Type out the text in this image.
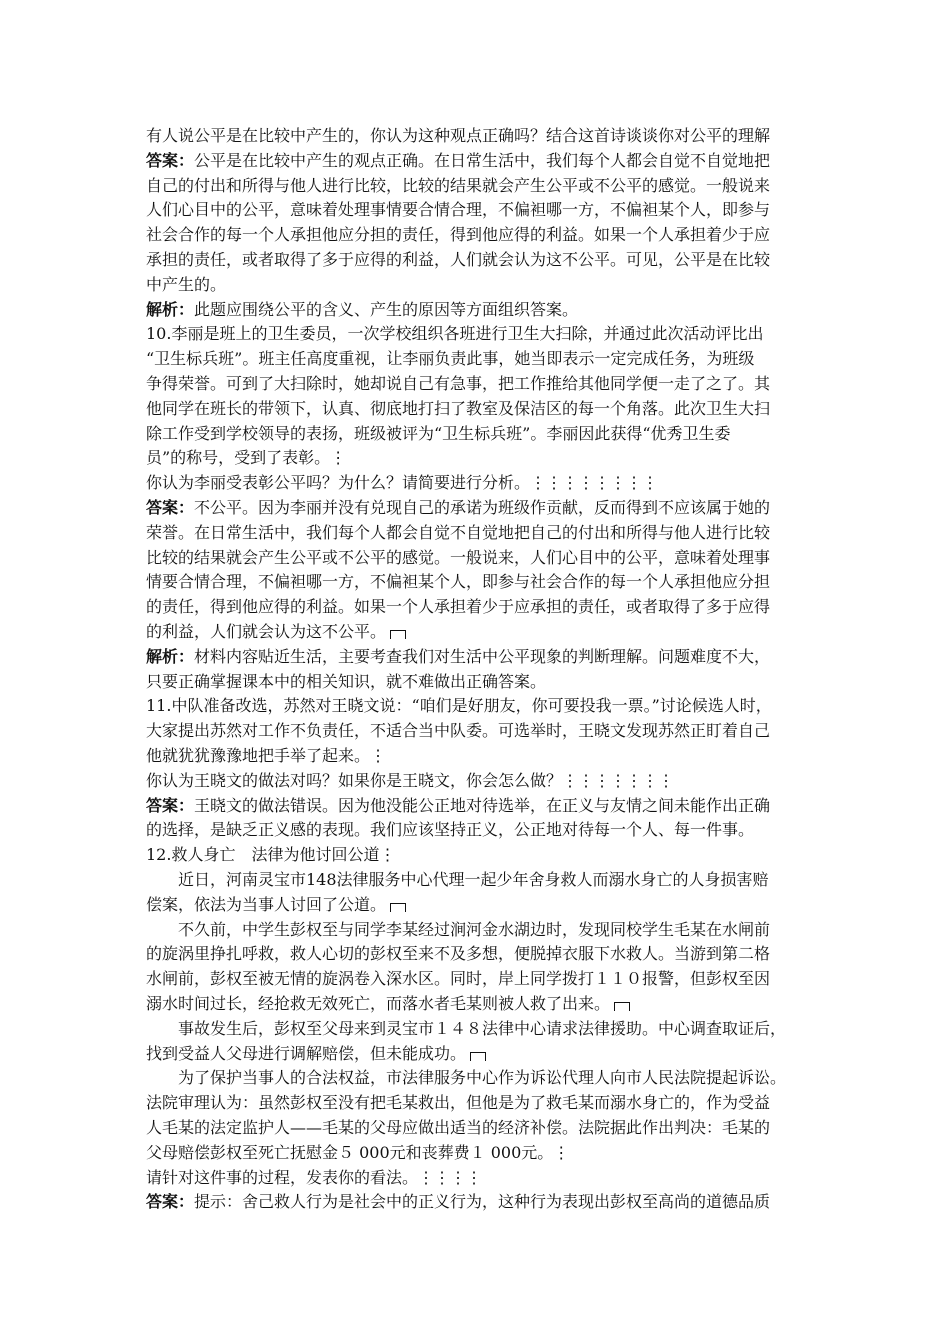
有人说公平是在比较中产生的，你认为这种观点正确吗？结合这首诗谈谈你对公平的理解
答案：公平是在比较中产生的观点正确。在日常生活中，我们每个人都会自觉不自觉地把
自己的付出和所得与他人进行比较，比较的结果就会产生公平或不公平的感觉。一般说来
人们心目中的公平，意味着处理事情要合情合理，不偏袒哪一方，不偏袒某个人，即参与
社会合作的每一个人承担他应分担的责任，得到他应得的利益。如果一个人承担着少于应
承担的责任，或者取得了多于应得的利益，人们就会认为这不公平。可见，公平是在比较
中产生的。
解析：此题应围绕公平的含义、产生的原因等方面组织答案。
10.李丽是班上的卫生委员，一次学校组织各班进行卫生大扫除，并通过此次活动评比出
“卫生标兵班”。班主任高度重视，让李丽负责此事，她当即表示一定完成任务，为班级
争得荣誉。可到了大扫除时，她却说自己有急事，把工作推给其他同学便一走了之了。其
他同学在班长的带领下，认真、彻底地打扫了教室及保洁区的每一个角落。此次卫生大扫
除工作受到学校领导的表扬，班级被评为“卫生标兵班”。李丽因此获得“优秀卫生委
员”的称号，受到了表彰。⋮
你认为李丽受表彰公平吗？为什么？请简要进行分析。⋮⋮⋮⋮⋮⋮⋮⋮
答案：不公平。因为李丽并没有兑现自己的承诺为班级作贡献，反而得到不应该属于她的
荣誉。在日常生活中，我们每个人都会自觉不自觉地把自己的付出和所得与他人进行比较
比较的结果就会产生公平或不公平的感觉。一般说来，人们心目中的公平，意味着处理事
情要合情合理，不偏袒哪一方，不偏袒某个人，即参与社会合作的每一个人承担他应分担
的责任，得到他应得的利益。如果一个人承担着少于应承担的责任，或者取得了多于应得
的利益，人们就会认为这不公平。
解析：材料内容贴近生活，主要考查我们对生活中公平现象的判断理解。问题难度不大，
只要正确掌握课本中的相关知识，就不难做出正确答案。
11.中队准备改选，苏然对王晓文说：“咱们是好朋友，你可要投我一票。”讨论候选人时，
大家提出苏然对工作不负责任，不适合当中队委。可选举时，王晓文发现苏然正盯着自己
他就犹犹豫豫地把手举了起来。⋮
你认为王晓文的做法对吗？如果你是王晓文，你会怎么做？⋮⋮⋮⋮⋮⋮⋮
答案：王晓文的做法错误。因为他没能公正地对待选举，在正义与友情之间未能作出正确
的选择，是缺乏正义感的表现。我们应该坚持正义，公正地对待每一个人、每一件事。
12.救人身亡　法律为他讨回公道⋮
近日，河南灵宝市148法律服务中心代理一起少年舍身救人而溺水身亡的人身损害赔
偿案，依法为当事人讨回了公道。
不久前，中学生彭权至与同学李某经过涧河金水湖边时，发现同校学生毛某在水闸前
的旋涡里挣扎呼救，救人心切的彭权至来不及多想，便脱掉衣服下水救人。当游到第二格
水闸前，彭权至被无情的旋涡卷入深水区。同时，岸上同学拨打１１０报警，但彭权至因
溺水时间过长，经抢救无效死亡，而落水者毛某则被人救了出来。
事故发生后，彭权至父母来到灵宝市１４８法律中心请求法律援助。中心调查取证后，
找到受益人父母进行调解赔偿，但未能成功。
为了保护当事人的合法权益，市法律服务中心作为诉讼代理人向市人民法院提起诉讼。
法院审理认为：虽然彭权至没有把毛某救出，但他是为了救毛某而溺水身亡的，作为受益
人毛某的法定监护人——毛某的父母应做出适当的经济补偿。法院据此作出判决：毛某的
父母赔偿彭权至死亡抚慰金５ 000元和丧葬费１ 000元。⋮
请针对这件事的过程，发表你的看法。⋮⋮⋮⋮
答案：提示：舍己救人行为是社会中的正义行为，这种行为表现出彭权至高尚的道德品质
